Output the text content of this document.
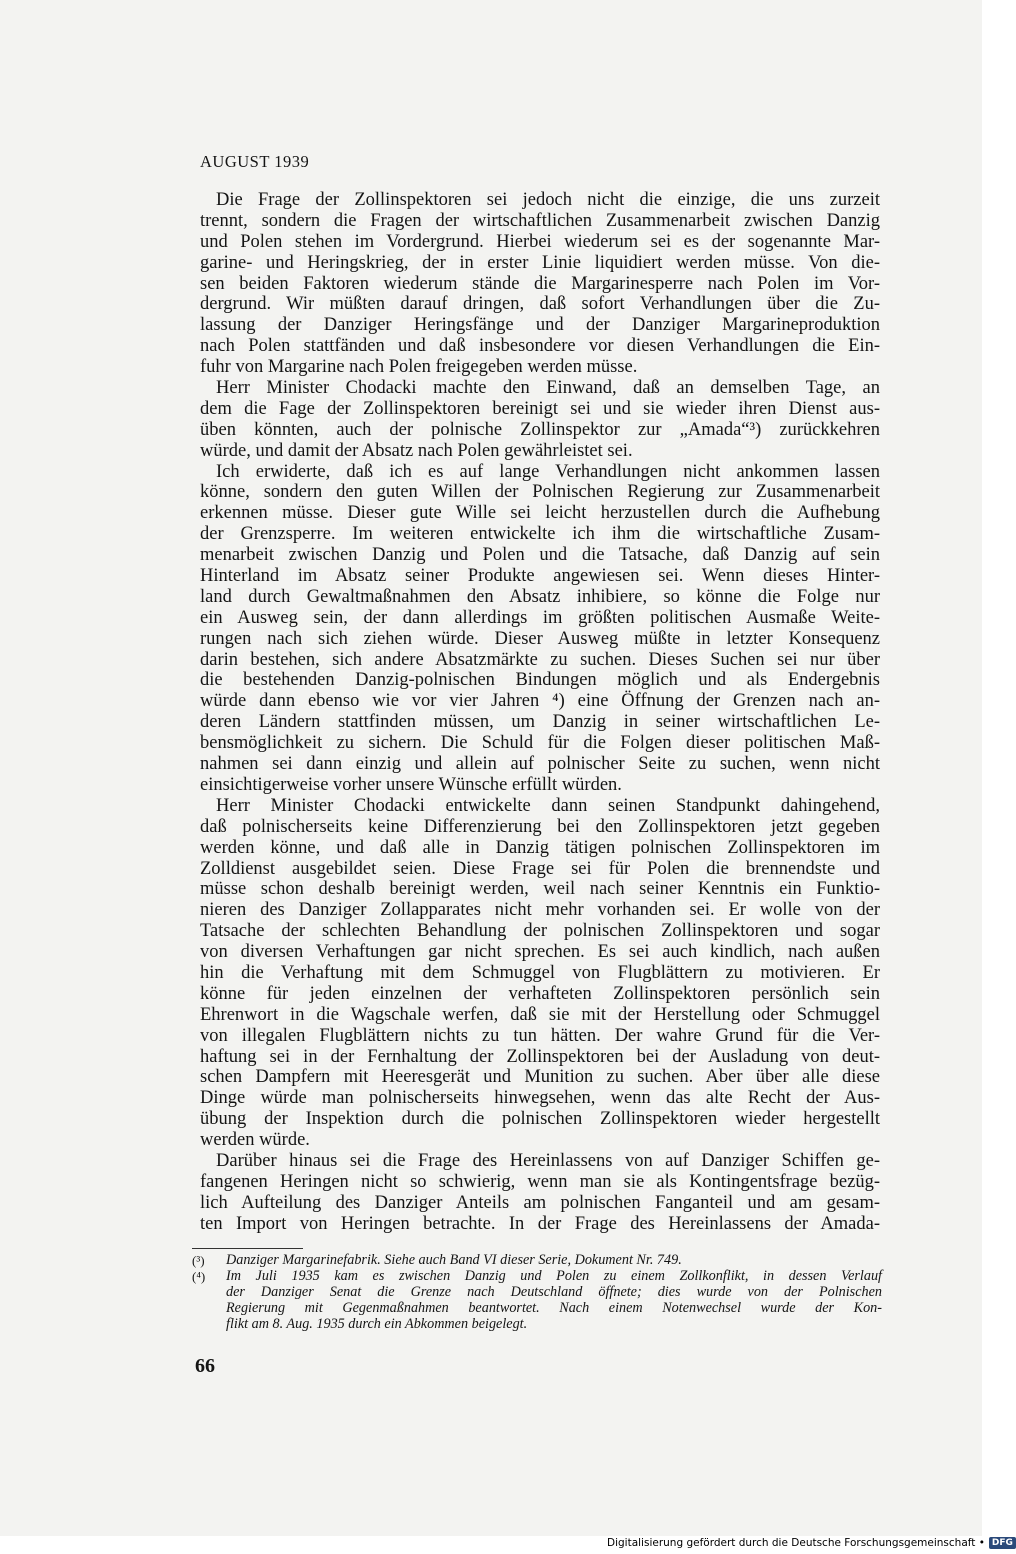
AUGUST 1939
Die Frage der Zollinspektoren sei jedoch nicht die einzige, die uns zurzeit
trennt, sondern die Fragen der wirtschaftlichen Zusammenarbeit zwischen Danzig
und Polen stehen im Vordergrund. Hierbei wiederum sei es der sogenannte Mar-
garine- und Heringskrieg, der in erster Linie liquidiert werden müsse. Von die-
sen beiden Faktoren wiederum stände die Margarinesperre nach Polen im Vor-
dergrund. Wir müßten darauf dringen, daß sofort Verhandlungen über die Zu-
lassung der Danziger Heringsfänge und der Danziger Margarineproduktion
nach Polen stattfänden und daß insbesondere vor diesen Verhandlungen die Ein-
fuhr von Margarine nach Polen freigegeben werden müsse.
Herr Minister Chodacki machte den Einwand, daß an demselben Tage, an
dem die Fage der Zollinspektoren bereinigt sei und sie wieder ihren Dienst aus-
üben könnten, auch der polnische Zollinspektor zur „Amada“³) zurückkehren
würde, und damit der Absatz nach Polen gewährleistet sei.
Ich erwiderte, daß ich es auf lange Verhandlungen nicht ankommen lassen
könne, sondern den guten Willen der Polnischen Regierung zur Zusammenarbeit
erkennen müsse. Dieser gute Wille sei leicht herzustellen durch die Aufhebung
der Grenzsperre. Im weiteren entwickelte ich ihm die wirtschaftliche Zusam-
menarbeit zwischen Danzig und Polen und die Tatsache, daß Danzig auf sein
Hinterland im Absatz seiner Produkte angewiesen sei. Wenn dieses Hinter-
land durch Gewaltmaßnahmen den Absatz inhibiere, so könne die Folge nur
ein Ausweg sein, der dann allerdings im größten politischen Ausmaße Weite-
rungen nach sich ziehen würde. Dieser Ausweg müßte in letzter Konsequenz
darin bestehen, sich andere Absatzmärkte zu suchen. Dieses Suchen sei nur über
die bestehenden Danzig-polnischen Bindungen möglich und als Endergebnis
würde dann ebenso wie vor vier Jahren ⁴) eine Öffnung der Grenzen nach an-
deren Ländern stattfinden müssen, um Danzig in seiner wirtschaftlichen Le-
bensmöglichkeit zu sichern. Die Schuld für die Folgen dieser politischen Maß-
nahmen sei dann einzig und allein auf polnischer Seite zu suchen, wenn nicht
einsichtigerweise vorher unsere Wünsche erfüllt würden.
Herr Minister Chodacki entwickelte dann seinen Standpunkt dahingehend,
daß polnischerseits keine Differenzierung bei den Zollinspektoren jetzt gegeben
werden könne, und daß alle in Danzig tätigen polnischen Zollinspektoren im
Zolldienst ausgebildet seien. Diese Frage sei für Polen die brennendste und
müsse schon deshalb bereinigt werden, weil nach seiner Kenntnis ein Funktio-
nieren des Danziger Zollapparates nicht mehr vorhanden sei. Er wolle von der
Tatsache der schlechten Behandlung der polnischen Zollinspektoren und sogar
von diversen Verhaftungen gar nicht sprechen. Es sei auch kindlich, nach außen
hin die Verhaftung mit dem Schmuggel von Flugblättern zu motivieren. Er
könne für jeden einzelnen der verhafteten Zollinspektoren persönlich sein
Ehrenwort in die Wagschale werfen, daß sie mit der Herstellung oder Schmuggel
von illegalen Flugblättern nichts zu tun hätten. Der wahre Grund für die Ver-
haftung sei in der Fernhaltung der Zollinspektoren bei der Ausladung von deut-
schen Dampfern mit Heeresgerät und Munition zu suchen. Aber über alle diese
Dinge würde man polnischerseits hinwegsehen, wenn das alte Recht der Aus-
übung der Inspektion durch die polnischen Zollinspektoren wieder hergestellt
werden würde.
Darüber hinaus sei die Frage des Hereinlassens von auf Danziger Schiffen ge-
fangenen Heringen nicht so schwierig, wenn man sie als Kontingentsfrage bezüg-
lich Aufteilung des Danziger Anteils am polnischen Fanganteil und am gesam-
ten Import von Heringen betrachte. In der Frage des Hereinlassens der Amada-
(³) Danziger Margarinefabrik. Siehe auch Band VI dieser Serie, Dokument Nr. 749.
(⁴) Im Juli 1935 kam es zwischen Danzig und Polen zu einem Zollkonflikt, in dessen Verlauf
der Danziger Senat die Grenze nach Deutschland öffnete; dies wurde von der Polnischen
Regierung mit Gegenmaßnahmen beantwortet. Nach einem Notenwechsel wurde der Kon-
flikt am 8. Aug. 1935 durch ein Abkommen beigelegt.
66
Digitalisierung gefördert durch die Deutsche Forschungsgemeinschaft • DFG
